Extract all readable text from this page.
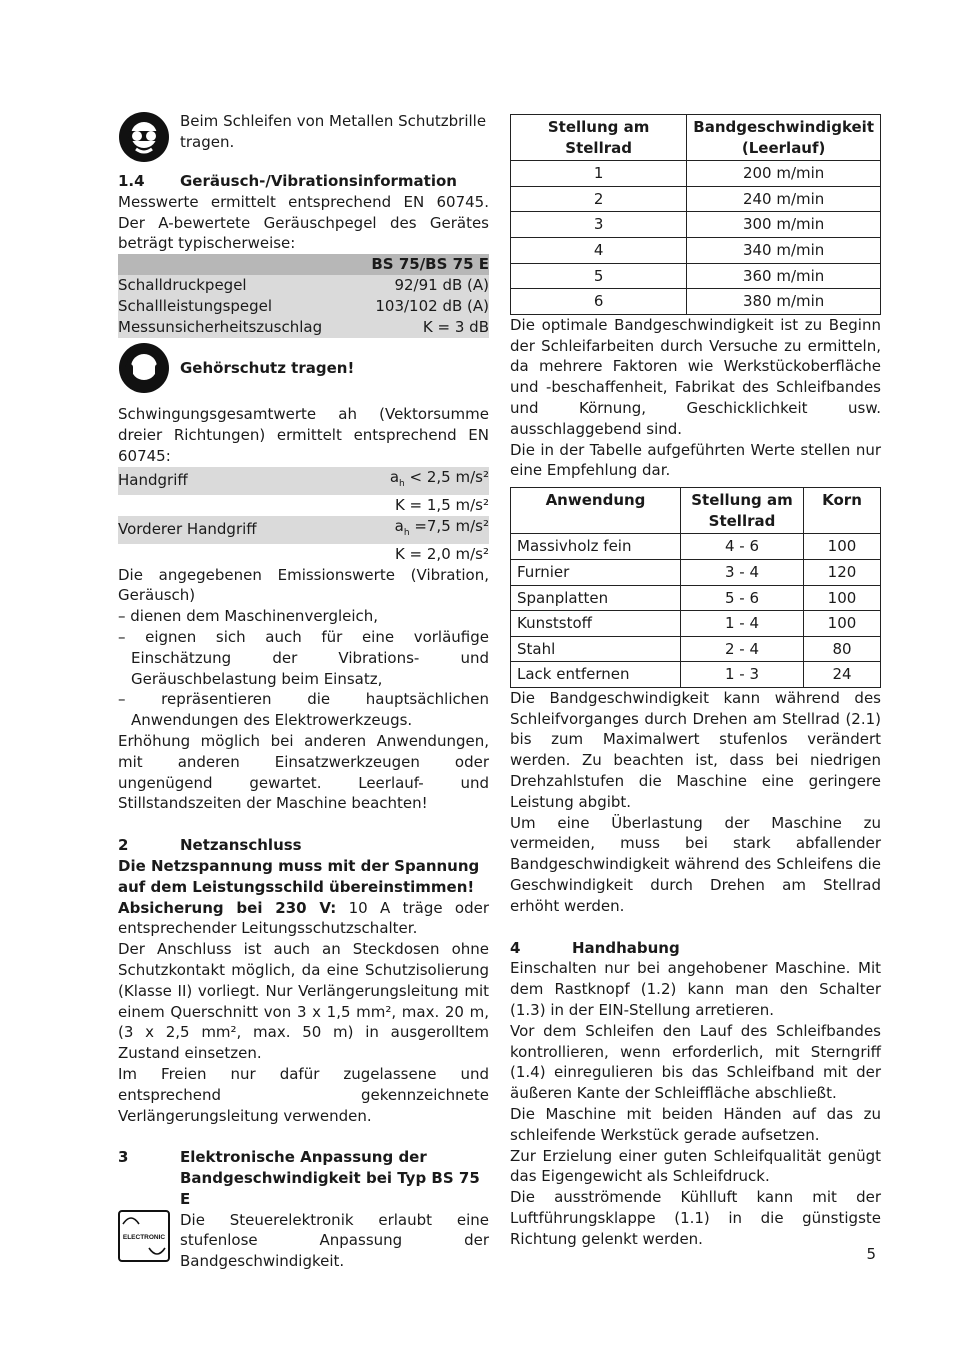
Beim Schleifen von Metallen Schutzbrille tragen.

1.4	Geräusch-/Vibrationsinformation

Messwerte ermittelt entsprechend EN 60745. Der A-bewertete Geräuschpegel des Gerätes beträgt typischerweise:

	BS 75/BS 75 E
Schalldruckpegel	92/91 dB (A)
Schallleistungspegel	103/102 dB (A)
Messunsicherheitszuschlag	K = 3 dB

Gehörschutz tragen!

Schwingungsgesamtwerte ah (Vektorsumme dreier Richtungen) ermittelt entsprechend EN 60745:

Handgriff	$a_h < 2,5$ m/s²
	K = 1,5 m/s²
Vorderer Handgriff	$a_h =7,5$ m/s²
	K = 2,0 m/s²

Die angegebenen Emissionswerte (Vibration, Geräusch)

– dienen dem Maschinenvergleich,
– eignen sich auch für eine vorläufige Einschätzung der Vibrations- und Geräuschbelastung beim Einsatz,
– repräsentieren die hauptsächlichen Anwendungen des Elektrowerkzeugs.

Erhöhung möglich bei anderen Anwendungen, mit anderen Einsatzwerkzeugen oder ungenügend gewartet. Leerlauf- und Stillstandszeiten der Maschine beachten!

2	Netzanschluss

Die Netzspannung muss mit der Spannung auf dem Leistungsschild übereinstimmen!

Absicherung bei 230 V: 10 A träge oder entsprechender Leitungsschutzschalter.

Der Anschluss ist auch an Steckdosen ohne Schutzkontakt möglich, da eine Schutzisolierung (Klasse II) vorliegt. Nur Verlängerungsleitung mit einem Querschnitt von 3 x 1,5 mm², max. 20 m, (3 x 2,5 mm², max. 50 m) in ausgerolltem Zustand einsetzen.

Im Freien nur dafür zugelassene und entsprechend gekennzeichnete Verlängerungsleitung verwenden.

3	Elektronische Anpassung der Bandgeschwindigkeit bei Typ BS 75 E
ELECTRONIC

Die Steuerelektronik erlaubt eine stufenlose Anpassung der Bandgeschwindigkeit.

Stellung am Stellrad	Bandgeschwindigkeit (Leerlauf)
1	200 m/min
2	240 m/min
3	300 m/min
4	340 m/min
5	360 m/min
6	380 m/min

Die optimale Bandgeschwindigkeit ist zu Beginn der Schleifarbeiten durch Versuche zu ermitteln, da mehrere Faktoren wie Werkstückoberfläche und -beschaffenheit, Fabrikat des Schleifbandes und Körnung, Geschicklichkeit usw. ausschlaggebend sind.

Die in der Tabelle aufgeführten Werte stellen nur eine Empfehlung dar.

Anwendung	Stellung am Stellrad	Korn
Massivholz fein	4 - 6	100
Furnier	3 - 4	120
Spanplatten	5 - 6	100
Kunststoff	1 - 4	100
Stahl	2 - 4	80
Lack entfernen	1 - 3	24

Die Bandgeschwindigkeit kann während des Schleifvorganges durch Drehen am Stellrad (2.1) bis zum Maximalwert stufenlos verändert werden. Zu beachten ist, dass bei niedrigen Drehzahlstufen die Maschine eine geringere Leistung abgibt.

Um eine Überlastung der Maschine zu vermeiden, muss bei stark abfallender Bandgeschwindigkeit während des Schleifens die Geschwindigkeit durch Drehen am Stellrad erhöht werden.

4	Handhabung

Einschalten nur bei angehobener Maschine. Mit dem Rastknopf (1.2) kann man den Schalter (1.3) in der EIN-Stellung arretieren.

Vor dem Schleifen den Lauf des Schleifbandes kontrollieren, wenn erforderlich, mit Sterngriff (1.4) einregulieren bis das Schleifband mit der äußeren Kante der Schleiffläche abschließt.

Die Maschine mit beiden Händen auf das zu schleifende Werkstück gerade aufsetzen.

Zur Erzielung einer guten Schleifqualität genügt das Eigengewicht als Schleifdruck.

Die ausströmende Kühlluft kann mit der Luftführungsklappe (1.1) in die günstigste Richtung gelenkt werden.

5
